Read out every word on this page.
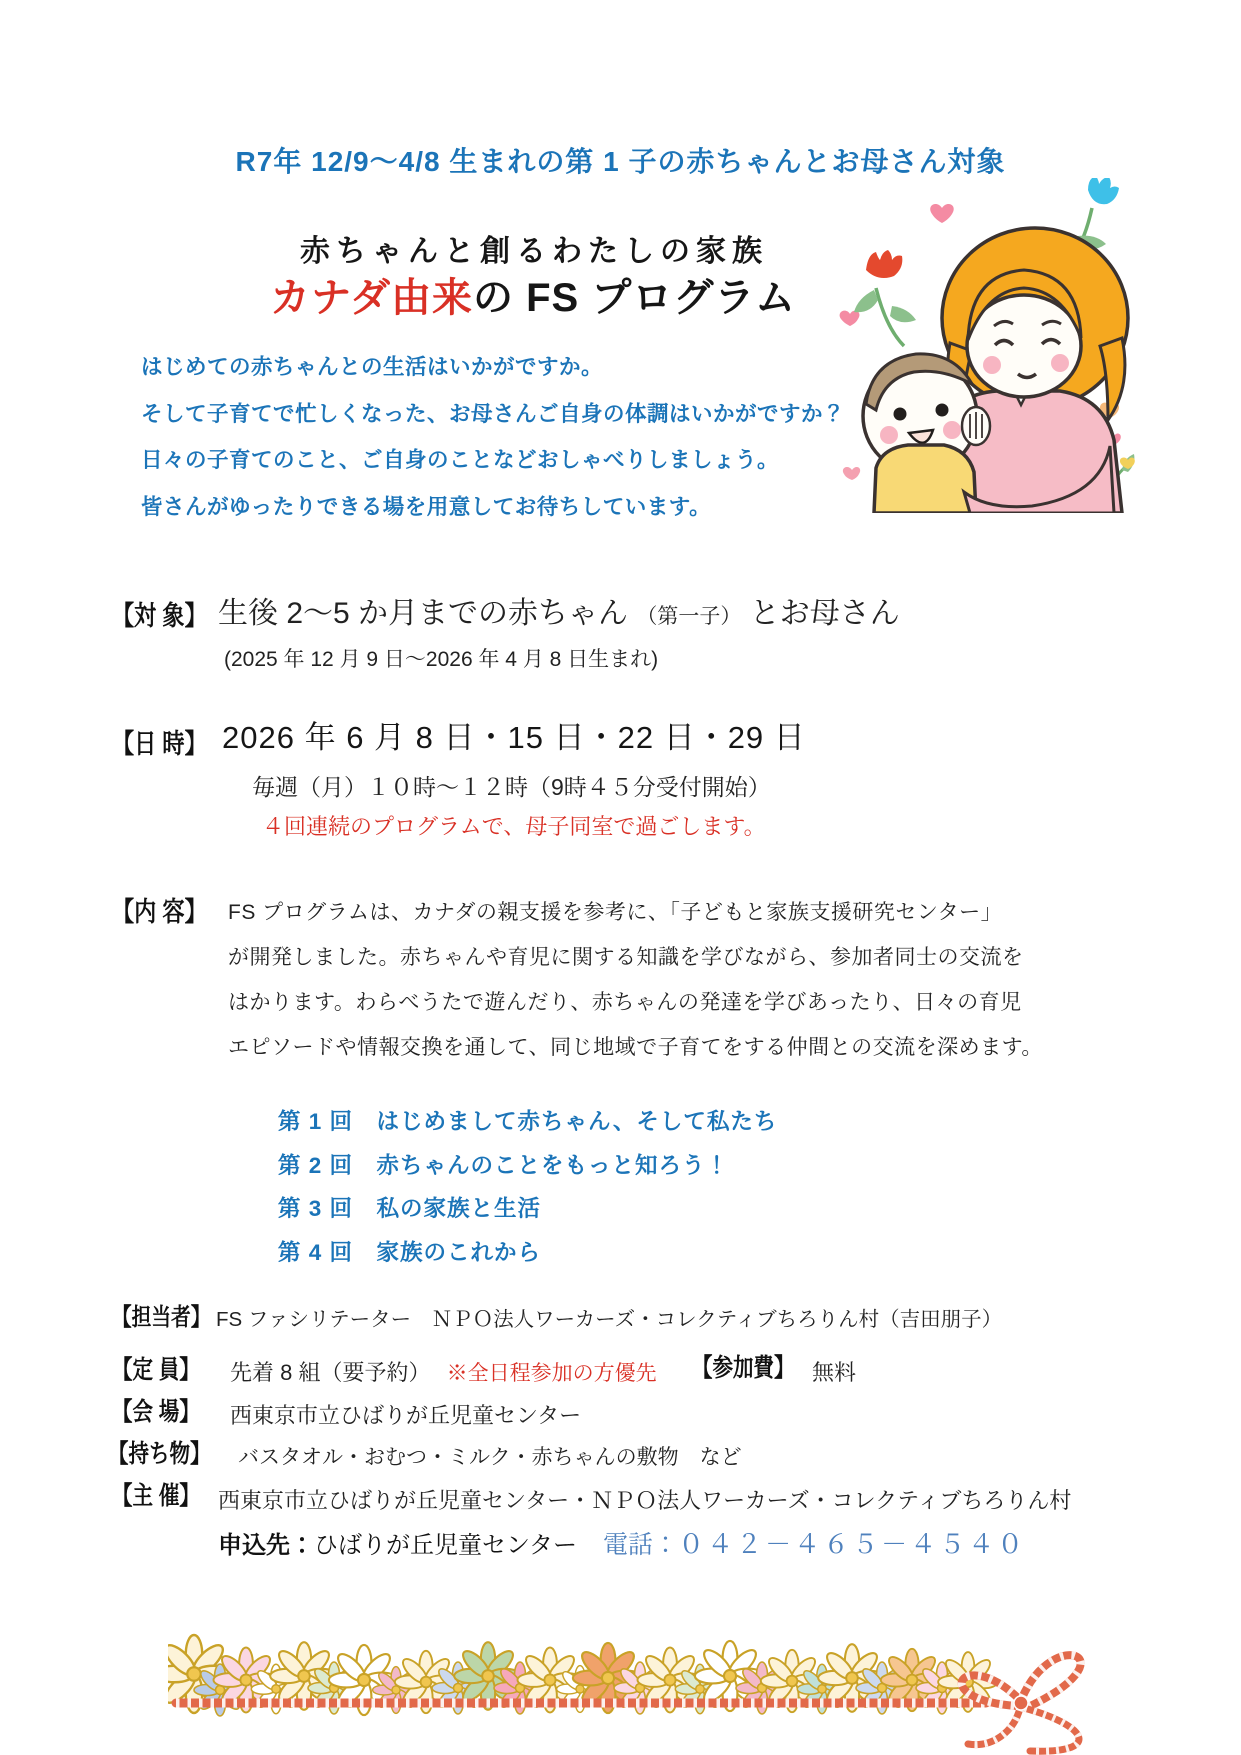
R7年 12/9～4/8 生まれの第 1 子の赤ちゃんとお母さん対象
赤ちゃんと創るわたしの家族
カナダ由来の FS プログラム
はじめての赤ちゃんとの生活はいかがですか。
そして子育てで忙しくなった、お母さんご自身の体調はいかがですか？
日々の子育てのこと、ご自身のことなどおしゃべりしましょう。
皆さんがゆったりできる場を用意してお待ちしています。
【対 象】 生後 2～5 か月までの赤ちゃん （第一子） とお母さん
(2025 年 12 月 9 日～2026 年 4 月 8 日生まれ)
【日 時】 2026 年 6 月 8 日・15 日・22 日・29 日
毎週（月）１０時～１２時（9時４５分受付開始）
４回連続のプログラムで、母子同室で過ごします。
【内 容】 FS プログラムは、カナダの親支援を参考に、「子どもと家族支援研究センター」
が開発しました。赤ちゃんや育児に関する知識を学びながら、参加者同士の交流を
はかります。わらべうたで遊んだり、赤ちゃんの発達を学びあったり、日々の育児
エピソードや情報交換を通して、同じ地域で子育てをする仲間との交流を深めます。
第 1 回　はじめまして赤ちゃん、そして私たち
第 2 回　赤ちゃんのことをもっと知ろう！
第 3 回　私の家族と生活
第 4 回　家族のこれから
【担当者】 FS ファシリテーター　ＮＰＯ法人ワーカーズ・コレクティブちろりん村（吉田朋子）
【定 員】 先着 8 組（要予約） ※全日程参加の方優先 【参加費】 無料
【会 場】 西東京市立ひばりが丘児童センター
【持ち物】 バスタオル・おむつ・ミルク・赤ちゃんの敷物　など
【主 催】 西東京市立ひばりが丘児童センター・ＮＰＯ法人ワーカーズ・コレクティブちろりん村
申込先：ひばりが丘児童センター 電話：０４２－４６５－４５４０
